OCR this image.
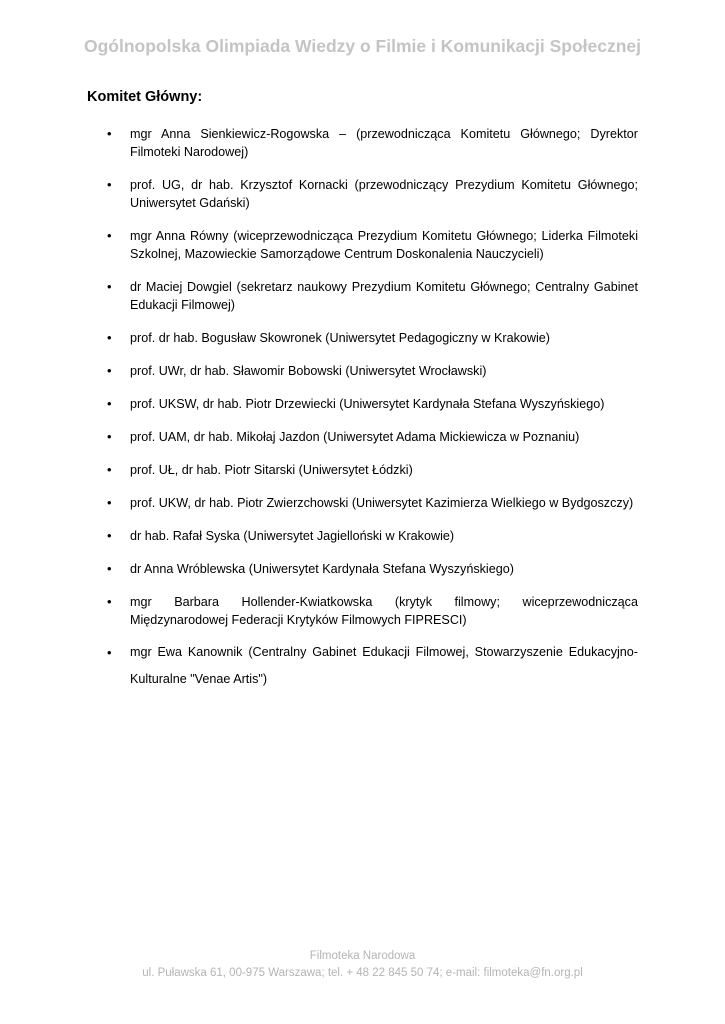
Ogólnopolska Olimpiada Wiedzy o Filmie i Komunikacji Społecznej
Komitet Główny:
• mgr Anna Sienkiewicz-Rogowska – (przewodnicząca Komitetu Głównego; Dyrektor Filmoteki Narodowej)
• prof. UG, dr hab. Krzysztof Kornacki (przewodniczący Prezydium Komitetu Głównego; Uniwersytet Gdański)
• mgr Anna Równy (wiceprzewodnicząca Prezydium Komitetu Głównego; Liderka Filmoteki Szkolnej, Mazowieckie Samorządowe Centrum Doskonalenia Nauczycieli)
• dr Maciej Dowgiel (sekretarz naukowy Prezydium Komitetu Głównego; Centralny Gabinet Edukacji Filmowej)
• prof. dr hab. Bogusław Skowronek (Uniwersytet Pedagogiczny w Krakowie)
• prof. UWr, dr hab. Sławomir Bobowski (Uniwersytet Wrocławski)
• prof. UKSW, dr hab. Piotr Drzewiecki (Uniwersytet Kardynała Stefana Wyszyńskiego)
• prof. UAM, dr hab. Mikołaj Jazdon (Uniwersytet Adama Mickiewicza w Poznaniu)
• prof. UŁ, dr hab. Piotr Sitarski (Uniwersytet Łódzki)
• prof. UKW, dr hab. Piotr Zwierzchowski (Uniwersytet Kazimierza Wielkiego w Bydgoszczy)
• dr hab. Rafał Syska (Uniwersytet Jagielloński w Krakowie)
• dr Anna Wróblewska (Uniwersytet Kardynała Stefana Wyszyńskiego)
• mgr Barbara Hollender-Kwiatkowska (krytyk filmowy; wiceprzewodnicząca Międzynarodowej Federacji Krytyków Filmowych FIPRESCI)
• mgr Ewa Kanownik (Centralny Gabinet Edukacji Filmowej, Stowarzyszenie Edukacyjno-Kulturalne "Venae Artis")
Filmoteka Narodowa
ul. Puławska 61, 00-975 Warszawa; tel. + 48 22 845 50 74; e-mail: filmoteka@fn.org.pl
